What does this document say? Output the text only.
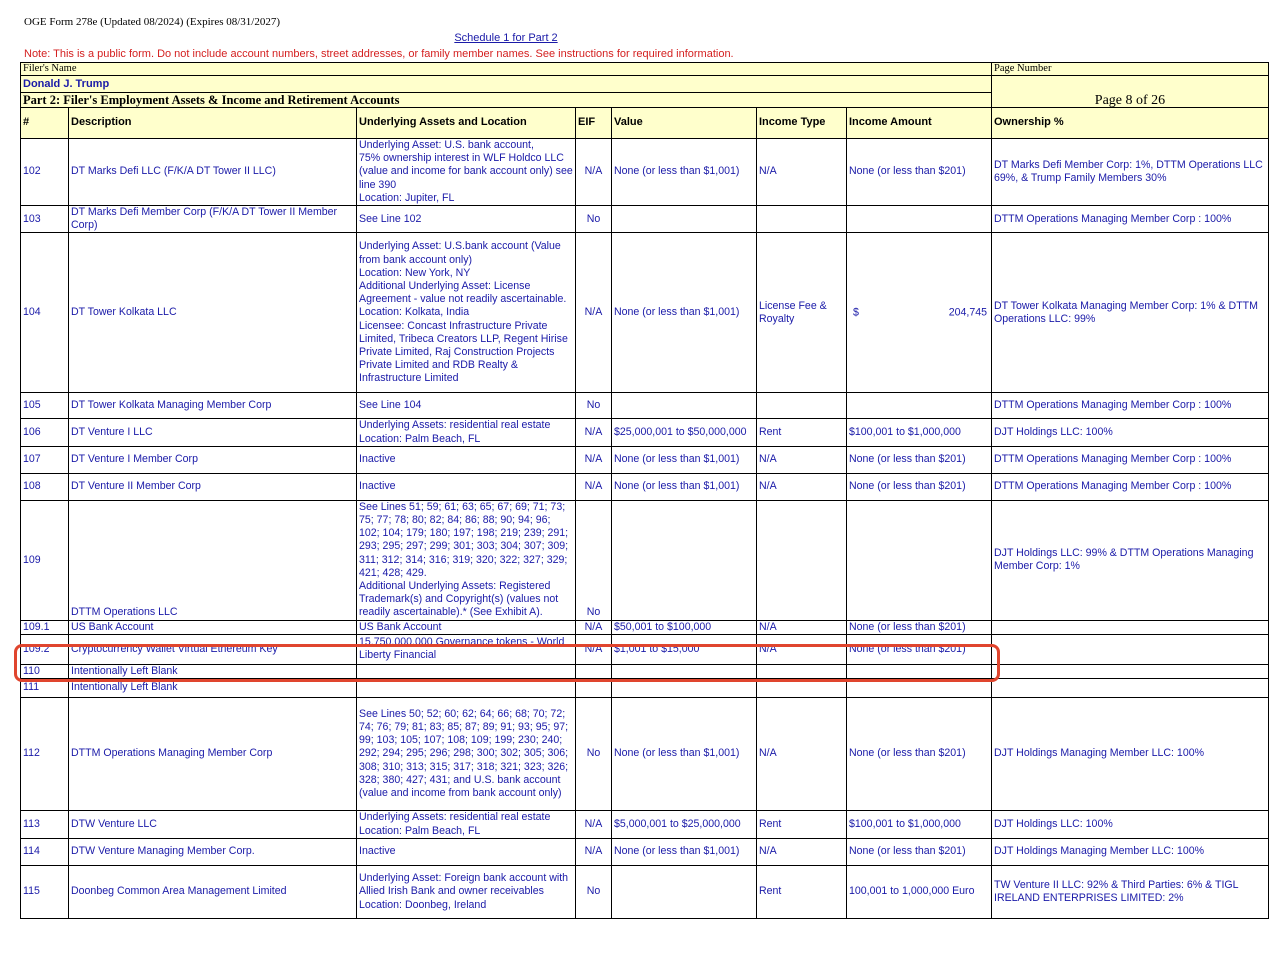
OGE Form 278e (Updated 08/2024) (Expires 08/31/2027)
Schedule 1 for Part 2
Note: This is a public form. Do not include account numbers, street addresses, or family member names. See instructions for required information.
Filer's Name							Page Number
Donald J. Trump							Page 8 of 26
Part 2: Filer's Employment Assets & Income and Retirement Accounts							
#	Description	Underlying Assets and Location	EIF	Value	Income Type	Income Amount	Ownership %
102	DT Marks Defi LLC (F/K/A DT Tower II LLC)	Underlying Asset: U.S. bank account,
75% ownership interest in WLF Holdco LLC (value and income for bank account only) see line 390
Location: Jupiter, FL	N/A	None (or less than $1,001)	N/A	None (or less than $201)	DT Marks Defi Member Corp: 1%, DTTM Operations LLC 69%, & Trump Family Members 30%
103	DT Marks Defi Member Corp (F/K/A DT Tower II Member Corp)	See Line 102	No				DTTM Operations Managing Member Corp : 100%
104	DT Tower Kolkata LLC	Underlying Asset: U.S.bank account (Value from bank account only)
Location: New York, NY
Additional Underlying Asset: License Agreement - value not readily ascertainable.
Location: Kolkata, India
Licensee: Concast Infrastructure Private Limited, Tribeca Creators LLP, Regent Hirise Private Limited, Raj Construction Projects Private Limited and RDB Realty & Infrastructure Limited	N/A	None (or less than $1,001)	License Fee & Royalty	$ 204,745	DT Tower Kolkata Managing Member Corp: 1% & DTTM Operations LLC: 99%
105	DT Tower Kolkata Managing Member Corp	See Line 104	No				DTTM Operations Managing Member Corp : 100%
106	DT Venture I LLC	Underlying Assets: residential real estate
Location: Palm Beach, FL	N/A	$25,000,001 to $50,000,000	Rent	$100,001 to $1,000,000	DJT Holdings LLC: 100%
107	DT Venture I Member Corp	Inactive	N/A	None (or less than $1,001)	N/A	None (or less than $201)	DTTM Operations Managing Member Corp : 100%
108	DT Venture II Member Corp	Inactive	N/A	None (or less than $1,001)	N/A	None (or less than $201)	DTTM Operations Managing Member Corp : 100%
109	DTTM Operations LLC	See Lines 51; 59; 61; 63; 65; 67; 69; 71; 73; 75; 77; 78; 80; 82; 84; 86; 88; 90; 94; 96; 102; 104; 179; 180; 197; 198; 219; 239; 291; 293; 295; 297; 299; 301; 303; 304; 307; 309; 311; 312; 314; 316; 319; 320; 322; 327; 329; 421; 428; 429.
Additional Underlying Assets: Registered Trademark(s) and Copyright(s) (values not readily ascertainable).* (See Exhibit A).	No				DJT Holdings LLC: 99% & DTTM Operations Managing Member Corp: 1%
109.1	US Bank Account	US Bank Account	N/A	$50,001 to $100,000	N/A	None (or less than $201)	
109.2	Cryptocurrency Wallet Virtual Ethereum Key	15,750,000,000 Governance tokens - World Liberty Financial	N/A	$1,001 to $15,000	N/A	None (or less than $201)	
110	Intentionally Left Blank						
111	Intentionally Left Blank						
112	DTTM Operations Managing Member Corp	See Lines 50; 52; 60; 62; 64; 66; 68; 70; 72; 74; 76; 79; 81; 83; 85; 87; 89; 91; 93; 95; 97; 99; 103; 105; 107; 108; 109; 199; 230; 240; 292; 294; 295; 296; 298; 300; 302; 305; 306; 308; 310; 313; 315; 317; 318; 321; 323; 326; 328; 380; 427; 431; and U.S. bank account (value and income from bank account only)	No	None (or less than $1,001)	N/A	None (or less than $201)	DJT Holdings Managing Member LLC: 100%
113	DTW Venture LLC	Underlying Assets: residential real estate
Location: Palm Beach, FL	N/A	$5,000,001 to $25,000,000	Rent	$100,001 to $1,000,000	DJT Holdings LLC: 100%
114	DTW Venture Managing Member Corp.	Inactive	N/A	None (or less than $1,001)	N/A	None (or less than $201)	DJT Holdings Managing Member LLC: 100%
115	Doonbeg Common Area Management Limited	Underlying Asset: Foreign bank account with Allied Irish Bank and owner receivables
Location: Doonbeg, Ireland	No		Rent	100,001 to 1,000,000 Euro	TW Venture II LLC: 92% & Third Parties: 6% & TIGL IRELAND ENTERPRISES LIMITED: 2%
